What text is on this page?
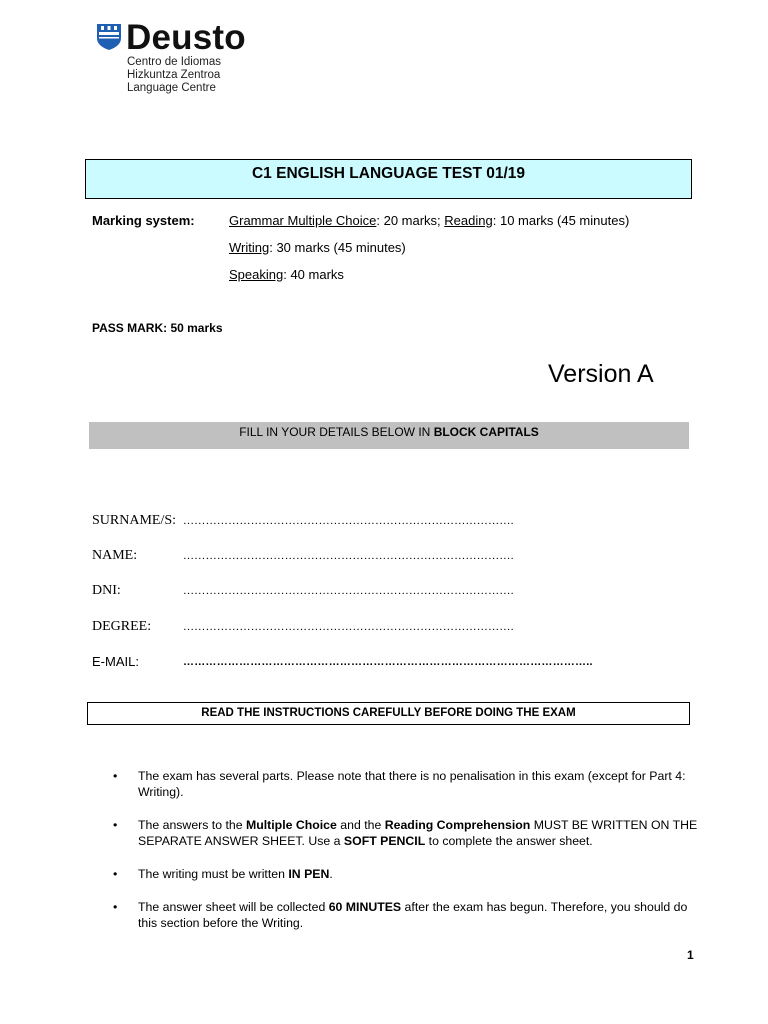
Deusto
Centro de Idiomas
Hizkuntza Zentroa
Language Centre
C1 ENGLISH LANGUAGE TEST 01/19
Marking system:	Grammar Multiple Choice: 20 marks; Reading: 10 marks (45 minutes)
Writing: 30 marks (45 minutes)
Speaking: 40 marks
PASS MARK: 50 marks
Version A
FILL IN YOUR DETAILS BELOW IN BLOCK CAPITALS
SURNAME/S: …………………………………………………………………………….
NAME:	…………………………………………………………………………….
DNI:	…………………………………………………………………………….
DEGREE:	…………………………………………………………………………….
E-MAIL:	………………………………………………………………………………………………..
READ THE INSTRUCTIONS CAREFULLY BEFORE DOING THE EXAM
• The exam has several parts. Please note that there is no penalisation in this exam (except for Part 4: Writing).
• The answers to the Multiple Choice and the Reading Comprehension MUST BE WRITTEN ON THE SEPARATE ANSWER SHEET. Use a SOFT PENCIL to complete the answer sheet.
• The writing must be written IN PEN.
• The answer sheet will be collected 60 MINUTES after the exam has begun. Therefore, you should do this section before the Writing.
1
